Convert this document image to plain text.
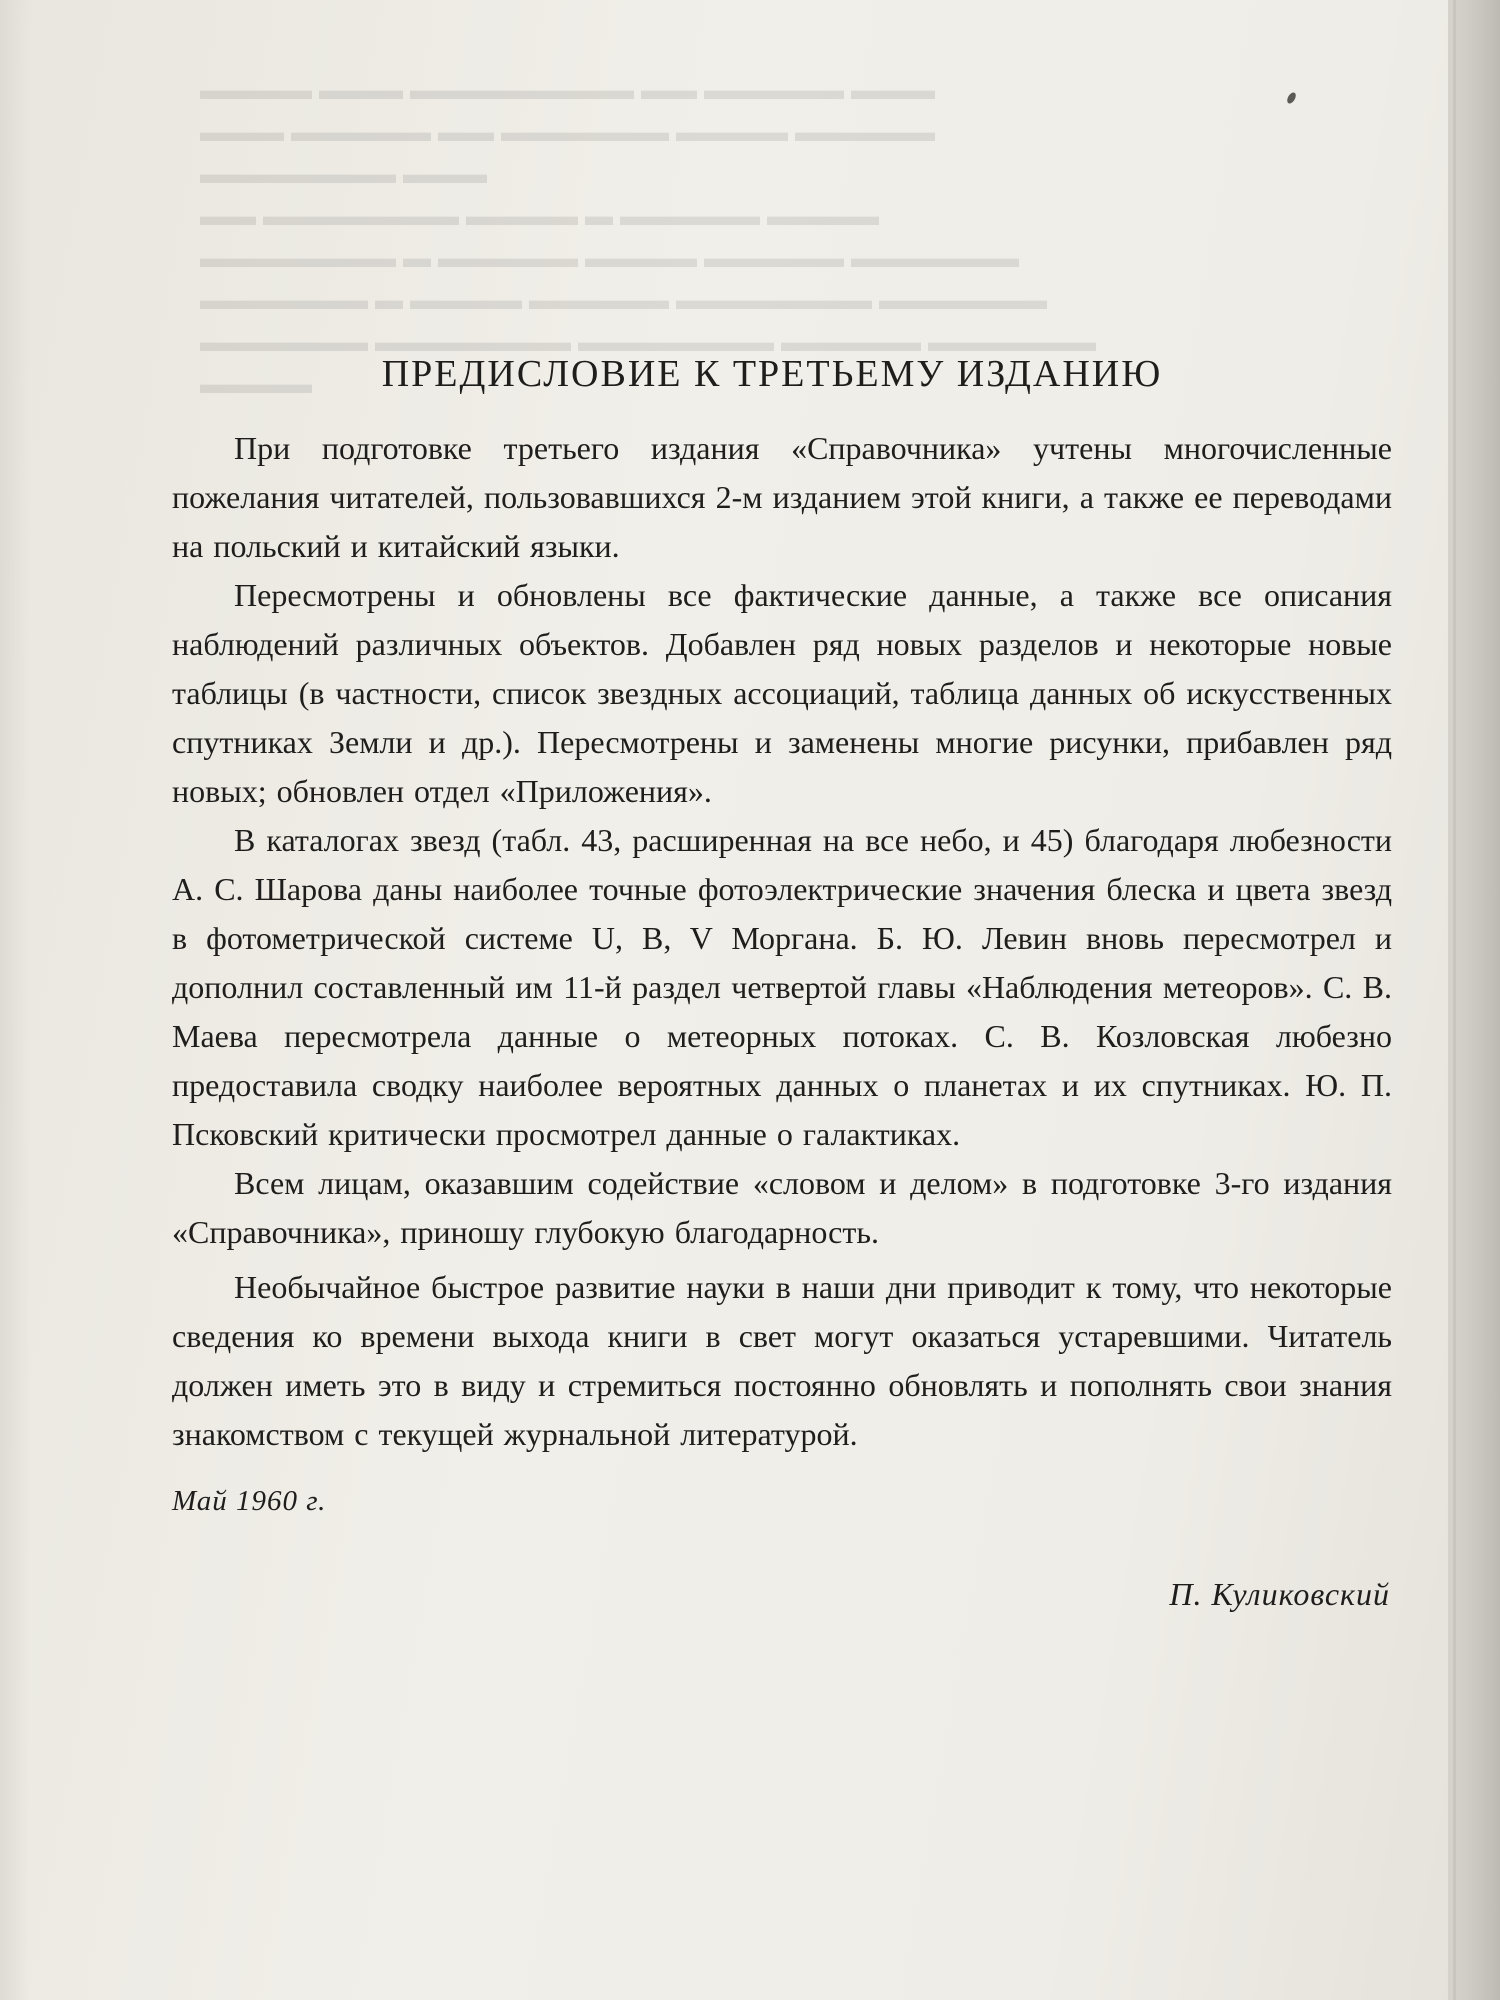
▬▬▬ ▬▬▬▬▬ ▬▬ ▬▬▬▬▬▬▬▬ ▬▬▬ ▬▬▬▬
▬▬▬▬▬ ▬▬▬▬ ▬▬▬▬▬▬ ▬▬ ▬▬▬▬▬ ▬▬▬
▬▬▬ ▬▬▬▬▬▬▬
▬▬▬▬ ▬▬▬▬▬ ▬ ▬▬▬▬ ▬▬▬▬▬▬▬ ▬▬
▬▬▬▬▬▬ ▬▬▬▬▬ ▬▬▬▬ ▬▬▬▬▬ ▬ ▬▬▬▬▬▬▬
▬▬▬▬▬▬ ▬▬▬▬▬▬▬ ▬▬▬▬▬ ▬▬▬▬ ▬ ▬▬▬▬▬▬
▬▬▬▬▬▬ ▬▬▬▬▬ ▬▬▬▬▬▬▬ ▬▬▬▬▬▬▬ ▬▬▬▬▬▬
▬▬▬▬	ПРЕДИСЛОВИЕ К ТРЕТЬЕМУ ИЗДАНИЮ

При подготовке третьего издания «Справочника» учтены многочисленные пожелания читателей, пользовавшихся 2-м изданием этой книги, а также ее переводами на польский и китайский языки.

Пересмотрены и обновлены все фактические данные, а также все описания наблюдений различных объектов. Добавлен ряд новых разделов и некоторые новые таблицы (в частности, список звездных ассоциаций, таблица данных об искусственных спутниках Земли и др.). Пересмотрены и заменены многие рисунки, прибавлен ряд новых; обновлен отдел «Приложения».

В каталогах звезд (табл. 43, расширенная на все небо, и 45) благодаря любезности А. С. Шарова даны наиболее точные фотоэлектрические значения блеска и цвета звезд в фотометрической системе U, B, V Моргана. Б. Ю. Левин вновь пересмотрел и дополнил составленный им 11-й раздел четвертой главы «Наблюдения метеоров». С. В. Маева пересмотрела данные о метеорных потоках. С. В. Козловская любезно предоставила сводку наиболее вероятных данных о планетах и их спутниках. Ю. П. Псковский критически просмотрел данные о галактиках.

Всем лицам, оказавшим содействие «словом и делом» в подготовке 3-го издания «Справочника», приношу глубокую благодарность.

Необычайное быстрое развитие науки в наши дни приводит к тому, что некоторые сведения ко времени выхода книги в свет могут оказаться устаревшими. Читатель должен иметь это в виду и стремиться постоянно обновлять и пополнять свои знания знакомством с текущей журнальной литературой.

Май 1960 г.
П. Куликовский
